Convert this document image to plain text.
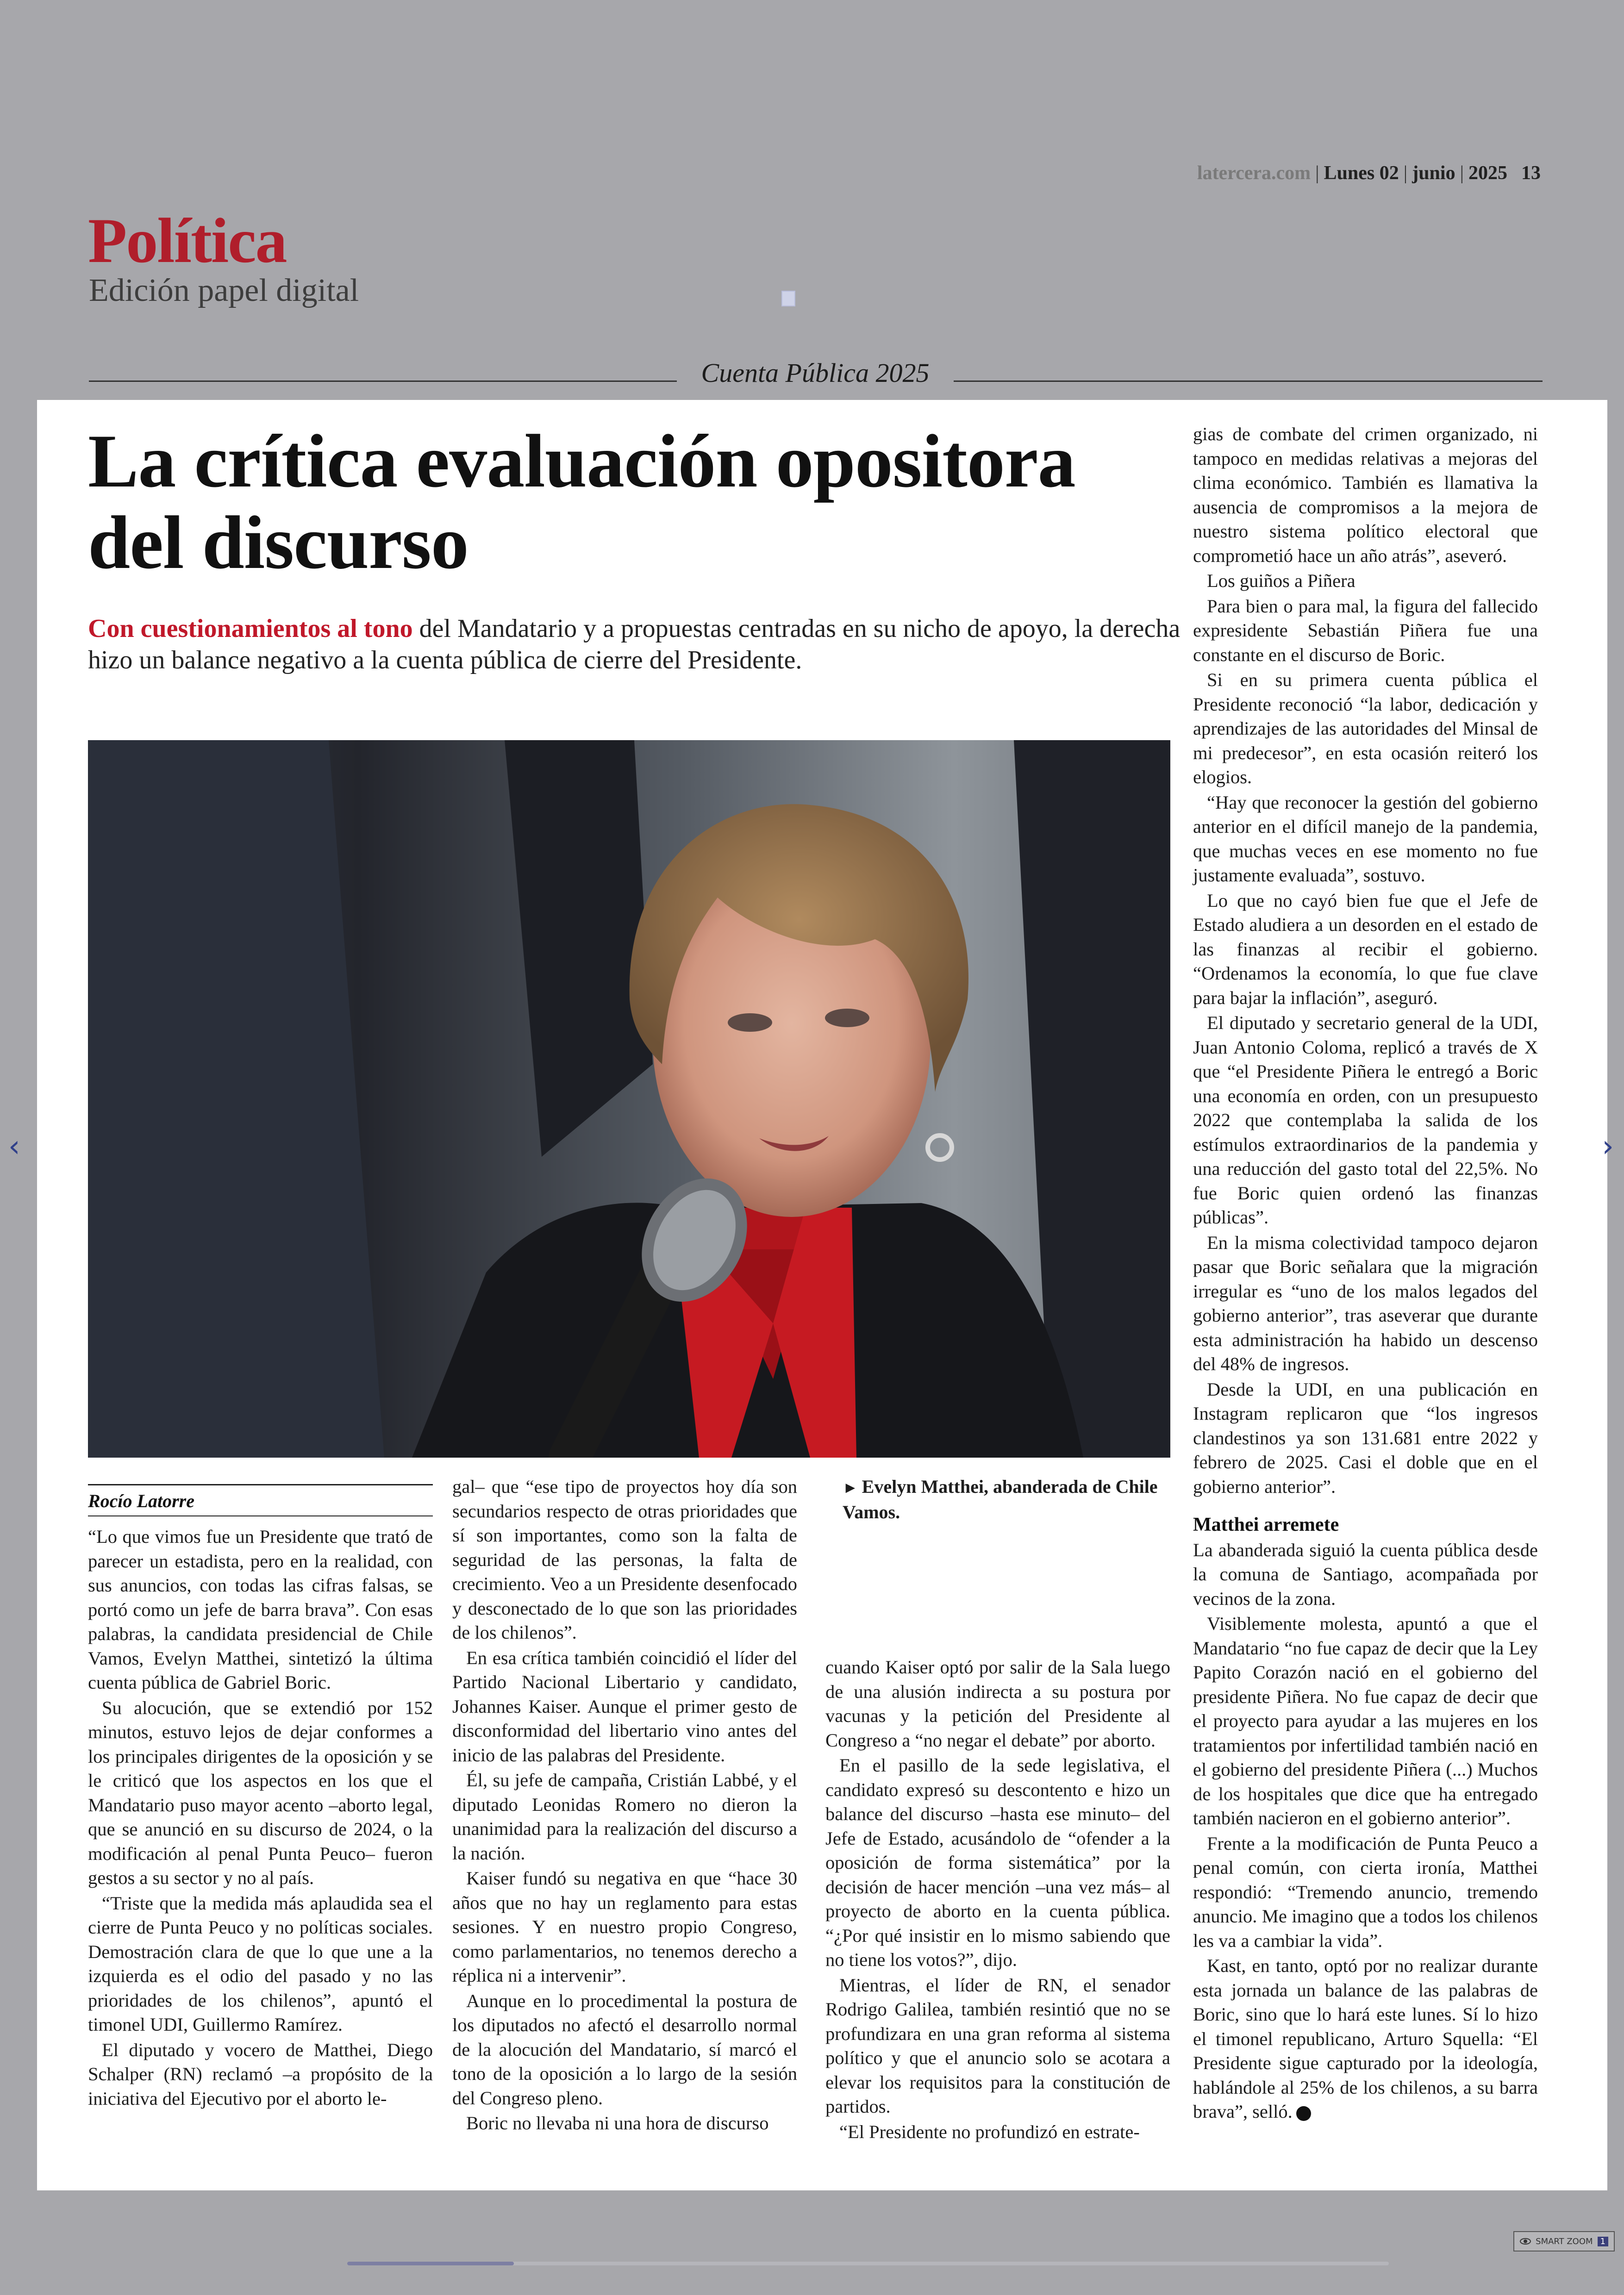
latercera.com | Lunes 02 | junio | 2025 13
Política
Edición papel digital
Cuenta Pública 2025
La crítica evaluación opositora del discurso
Con cuestionamientos al tono del Mandatario y a propuestas centradas en su nicho de apoyo, la derecha hizo un balance negativo a la cuenta pública de cierre del Presidente.
Rocío Latorre

“Lo que vimos fue un Presidente que trató de parecer un estadista, pero en la realidad, con sus anuncios, con todas las cifras falsas, se portó como un jefe de barra brava”. Con esas palabras, la candidata presidencial de Chile Vamos, Evelyn Matthei, sintetizó la última cuenta pública de Gabriel Boric.

Su alocución, que se extendió por 152 minutos, estuvo lejos de dejar conformes a los principales dirigentes de la oposición y se le criticó que los aspectos en los que el Mandatario puso mayor acento –aborto legal, que se anunció en su discurso de 2024, o la modificación al penal Punta Peuco– fueron gestos a su sector y no al país.

“Triste que la medida más aplaudida sea el cierre de Punta Peuco y no políticas sociales. Demostración clara de que lo que une a la izquierda es el odio del pasado y no las prioridades de los chilenos”, apuntó el timonel UDI, Guillermo Ramírez.

El diputado y vocero de Matthei, Diego Schalper (RN) reclamó –a propósito de la iniciativa del Ejecutivo por el aborto le-

gal– que “ese tipo de proyectos hoy día son secundarios respecto de otras prioridades que sí son importantes, como son la falta de seguridad de las personas, la falta de crecimiento. Veo a un Presidente desenfocado y desconectado de lo que son las prioridades de los chilenos”.

En esa crítica también coincidió el líder del Partido Nacional Libertario y candidato, Johannes Kaiser. Aunque el primer gesto de disconformidad del libertario vino antes del inicio de las palabras del Presidente.

Él, su jefe de campaña, Cristián Labbé, y el diputado Leonidas Romero no dieron la unanimidad para la realización del discurso a la nación.

Kaiser fundó su negativa en que “hace 30 años que no hay un reglamento para estas sesiones. Y en nuestro propio Congreso, como parlamentarios, no tenemos derecho a réplica ni a intervenir”.

Aunque en lo procedimental la postura de los diputados no afectó el desarrollo normal de la alocución del Mandatario, sí marcó el tono de la oposición a lo largo de la sesión del Congreso pleno.

Boric no llevaba ni una hora de discurso

► Evelyn Matthei, abanderada de Chile Vamos.

cuando Kaiser optó por salir de la Sala luego de una alusión indirecta a su postura por vacunas y la petición del Presidente al Congreso a “no negar el debate” por aborto.

En el pasillo de la sede legislativa, el candidato expresó su descontento e hizo un balance del discurso –hasta ese minuto– del Jefe de Estado, acusándolo de “ofender a la oposición de forma sistemática” por la decisión de hacer mención –una vez más– al proyecto de aborto en la cuenta pública. “¿Por qué insistir en lo mismo sabiendo que no tiene los votos?”, dijo.

Mientras, el líder de RN, el senador Rodrigo Galilea, también resintió que no se profundizara en una gran reforma al sistema político y que el anuncio solo se acotara a elevar los requisitos para la constitución de partidos.

“El Presidente no profundizó en estrate-

gias de combate del crimen organizado, ni tampoco en medidas relativas a mejoras del clima económico. También es llamativa la ausencia de compromisos a la mejora de nuestro sistema político electoral que comprometió hace un año atrás”, aseveró.

Los guiños a Piñera

Para bien o para mal, la figura del fallecido expresidente Sebastián Piñera fue una constante en el discurso de Boric.

Si en su primera cuenta pública el Presidente reconoció “la labor, dedicación y aprendizajes de las autoridades del Minsal de mi predecesor”, en esta ocasión reiteró los elogios.

“Hay que reconocer la gestión del gobierno anterior en el difícil manejo de la pandemia, que muchas veces en ese momento no fue justamente evaluada”, sostuvo.

Lo que no cayó bien fue que el Jefe de Estado aludiera a un desorden en el estado de las finanzas al recibir el gobierno. “Ordenamos la economía, lo que fue clave para bajar la inflación”, aseguró.

El diputado y secretario general de la UDI, Juan Antonio Coloma, replicó a través de X que “el Presidente Piñera le entregó a Boric una economía en orden, con un presupuesto 2022 que contemplaba la salida de los estímulos extraordinarios de la pandemia y una reducción del gasto total del 22,5%. No fue Boric quien ordenó las finanzas públicas”.

En la misma colectividad tampoco dejaron pasar que Boric señalara que la migración irregular es “uno de los malos legados del gobierno anterior”, tras aseverar que durante esta administración ha habido un descenso del 48% de ingresos.

Desde la UDI, en una publicación en Instagram replicaron que “los ingresos clandestinos ya son 131.681 entre 2022 y febrero de 2025. Casi el doble que en el gobierno anterior”.

Matthei arremete

La abanderada siguió la cuenta pública desde la comuna de Santiago, acompañada por vecinos de la zona.

Visiblemente molesta, apuntó a que el Mandatario “no fue capaz de decir que la Ley Papito Corazón nació en el gobierno del presidente Piñera. No fue capaz de decir que el proyecto para ayudar a las mujeres en los tratamientos por infertilidad también nació en el gobierno del presidente Piñera (...) Muchos de los hospitales que dice que ha entregado también nacieron en el gobierno anterior”.

Frente a la modificación de Punta Peuco a penal común, con cierta ironía, Matthei respondió: “Tremendo anuncio, tremendo anuncio. Me imagino que a todos los chilenos les va a cambiar la vida”.

Kast, en tanto, optó por no realizar durante esta jornada un balance de las palabras de Boric, sino que lo hará este lunes. Sí lo hizo el timonel republicano, Arturo Squella: “El Presidente sigue capturado por la ideología, hablándole al 25% de los chilenos, a su barra brava”, selló.

‹	›
SMART ZOOM 1
